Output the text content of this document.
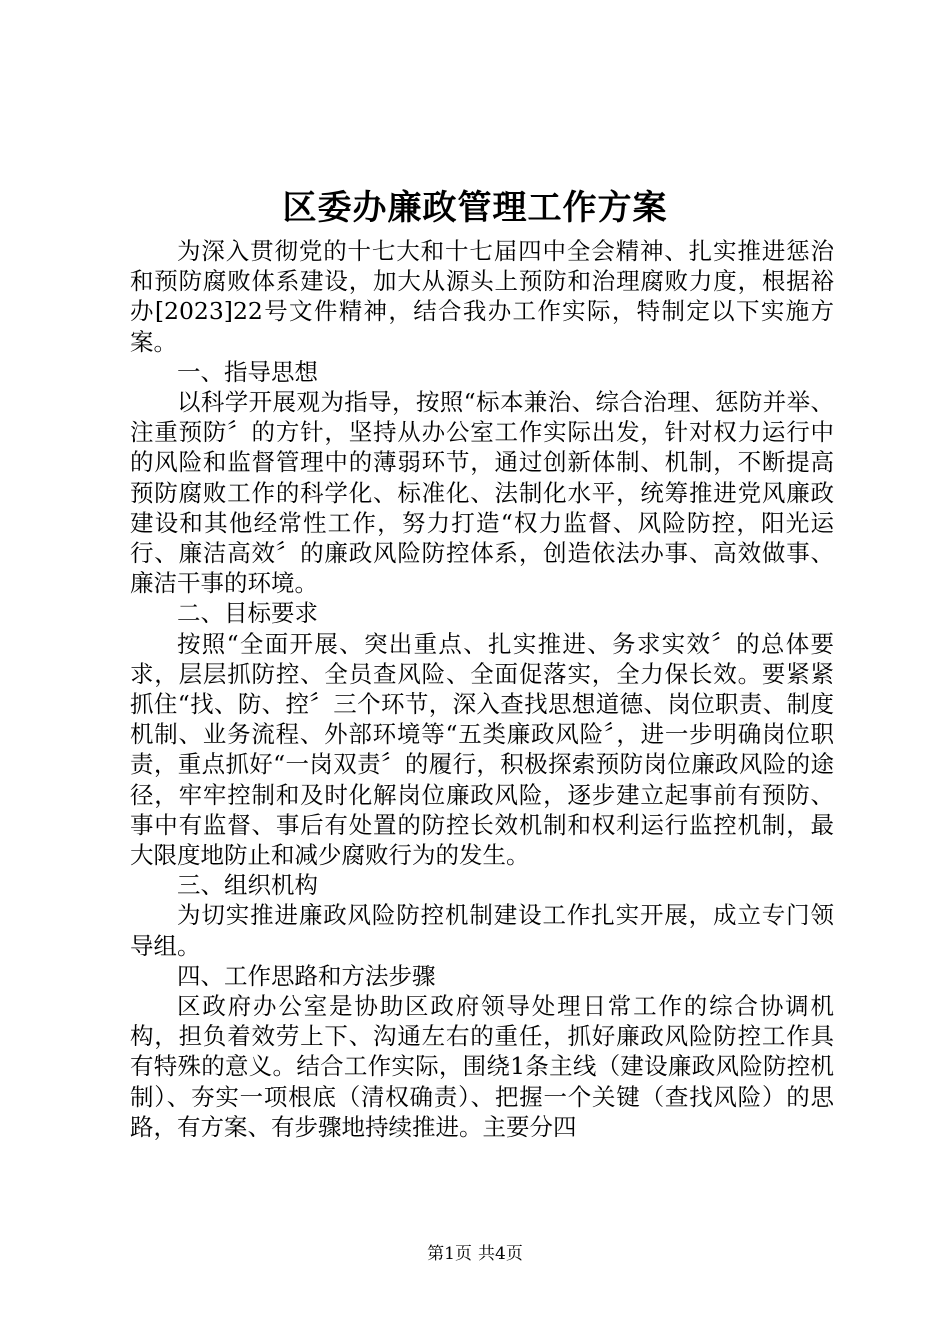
区委办廉政管理工作方案

为深入贯彻党的十七大和十七届四中全会精神、扎实推进惩治和预防腐败体系建设，加大从源头上预防和治理腐败力度，根据裕办[2023]22号文件精神，结合我办工作实际，特制定以下实施方案。

一、指导思想

以科学开展观为指导，按照“标本兼治、综合治理、惩防并举、注重预防〞的方针，坚持从办公室工作实际出发，针对权力运行中的风险和监督管理中的薄弱环节，通过创新体制、机制，不断提高预防腐败工作的科学化、标准化、法制化水平，统筹推进党风廉政建设和其他经常性工作，努力打造“权力监督、风险防控，阳光运行、廉洁高效〞的廉政风险防控体系，创造依法办事、高效做事、廉洁干事的环境。

二、目标要求

按照“全面开展、突出重点、扎实推进、务求实效〞的总体要求，层层抓防控、全员查风险、全面促落实，全力保长效。要紧紧抓住“找、防、控〞三个环节，深入查找思想道德、岗位职责、制度机制、业务流程、外部环境等“五类廉政风险〞，进一步明确岗位职责，重点抓好“一岗双责〞的履行，积极探索预防岗位廉政风险的途径，牢牢控制和及时化解岗位廉政风险，逐步建立起事前有预防、事中有监督、事后有处置的防控长效机制和权利运行监控机制，最大限度地防止和减少腐败行为的发生。

三、组织机构

为切实推进廉政风险防控机制建设工作扎实开展，成立专门领导组。

四、工作思路和方法步骤

区政府办公室是协助区政府领导处理日常工作的综合协调机构，担负着效劳上下、沟通左右的重任，抓好廉政风险防控工作具有特殊的意义。结合工作实际，围绕1条主线（建设廉政风险防控机制）、夯实一项根底（清权确责）、把握一个关键（查找风险）的思路，有方案、有步骤地持续推进。主要分四

第1页 共4页
